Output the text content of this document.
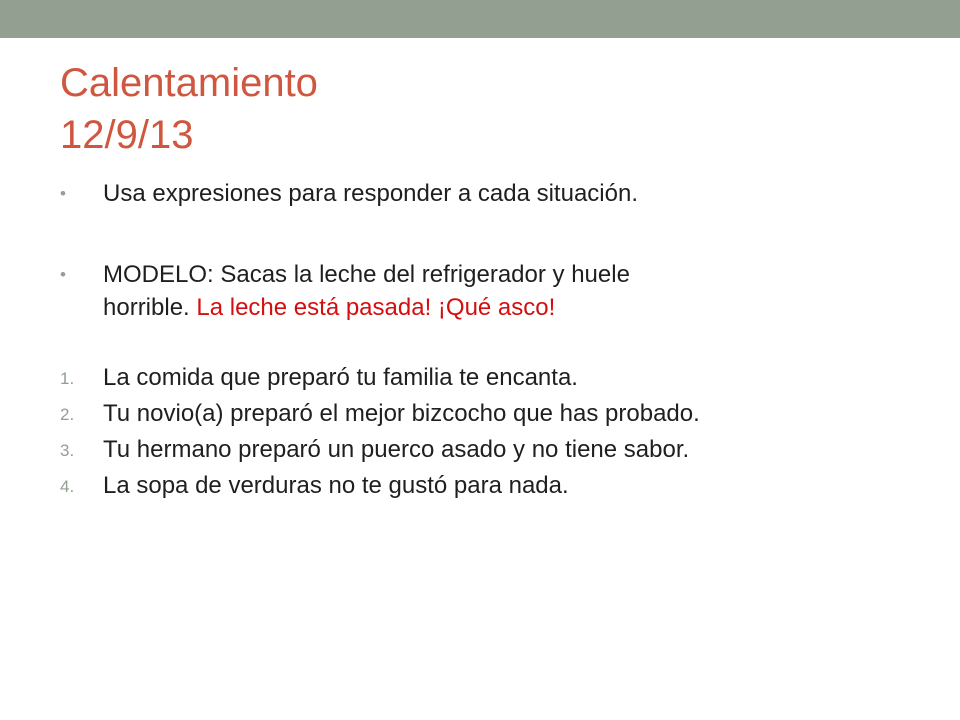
Calentamiento
12/9/13
• Usa expresiones para responder a cada situación.
• MODELO: Sacas la leche del refrigerador y huele
horrible. La leche está pasada! ¡Qué asco!
1. La comida que preparó tu familia te encanta.
2. Tu novio(a) preparó el mejor bizcocho que has probado.
3. Tu hermano preparó un puerco asado y no tiene sabor.
4. La sopa de verduras no te gustó para nada.
